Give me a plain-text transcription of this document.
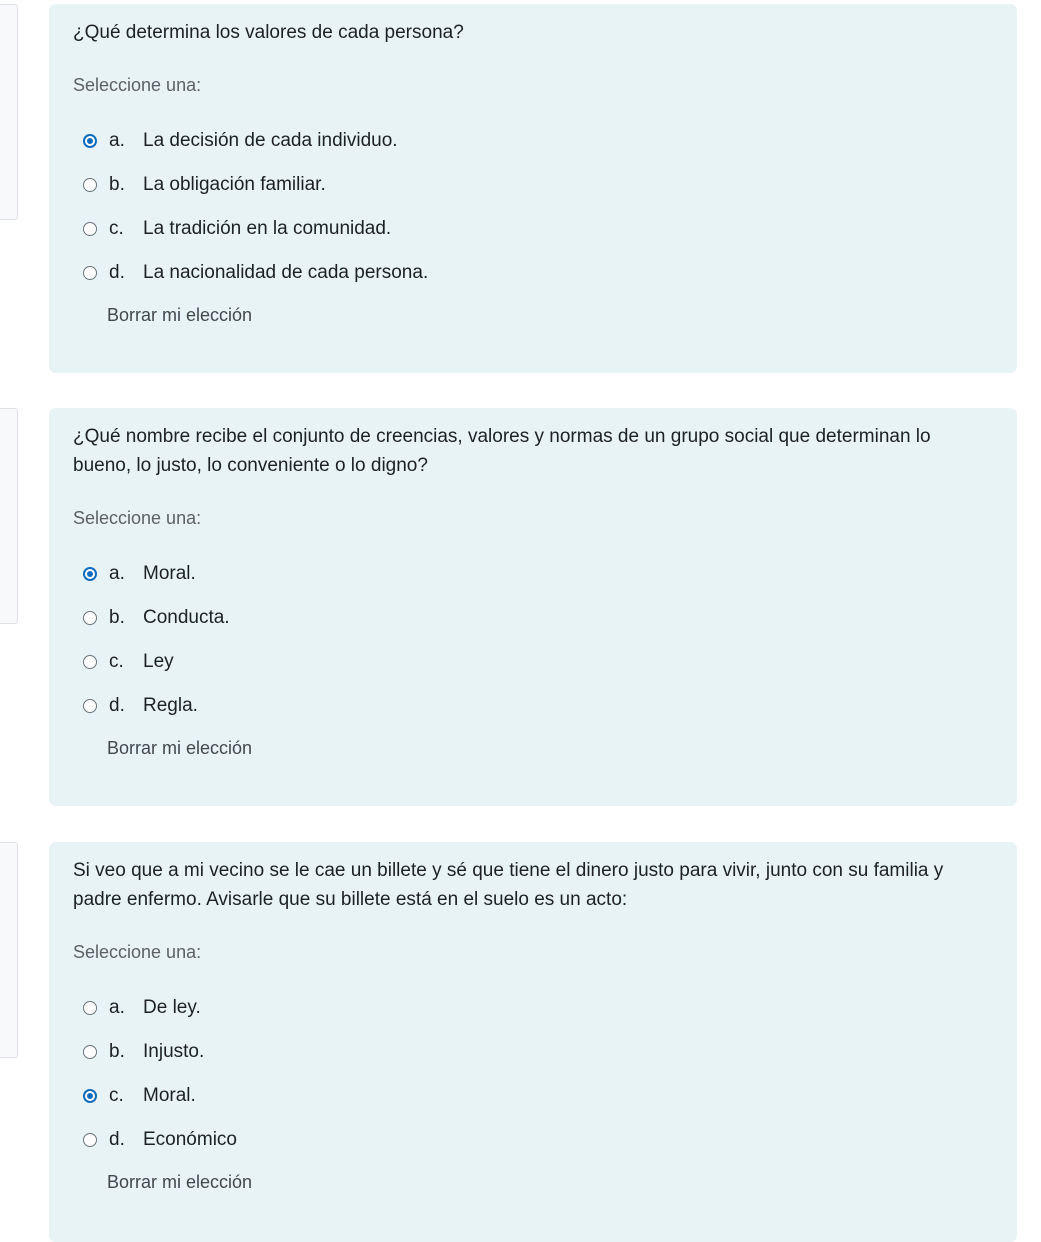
¿Qué determina los valores de cada persona?

Seleccione una:
a. La decisión de cada individuo.
b. La obligación familiar.
c.	La tradición en la comunidad.
d. La nacionalidad de cada persona.
Borrar mi elección

¿Qué nombre recibe el conjunto de creencias, valores y normas de un grupo social que determinan lo bueno, lo justo, lo conveniente o lo digno?

Seleccione una:
a. Moral.
b. Conducta.
c.	Ley
d. Regla.
Borrar mi elección

Si veo que a mi vecino se le cae un billete y sé que tiene el dinero justo para vivir, junto con su familia y padre enfermo. Avisarle que su billete está en el suelo es un acto:

Seleccione una:
a. De ley.
b. Injusto.
c.	Moral.
d. Económico
Borrar mi elección
